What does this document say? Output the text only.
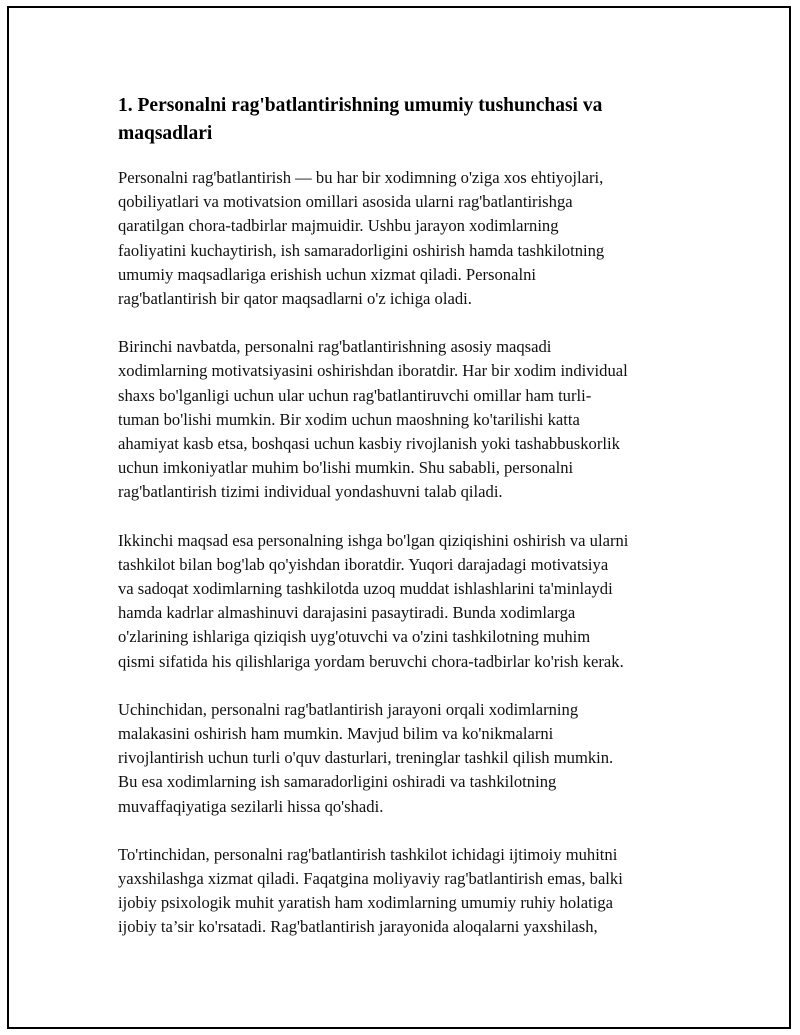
1. Personalni rag'batlantirishning umumiy tushunchasi va
maqsadlari

Personalni rag'batlantirish — bu har bir xodimning o'ziga xos ehtiyojlari,
qobiliyatlari va motivatsion omillari asosida ularni rag'batlantirishga
qaratilgan chora-tadbirlar majmuidir. Ushbu jarayon xodimlarning
faoliyatini kuchaytirish, ish samaradorligini oshirish hamda tashkilotning
umumiy maqsadlariga erishish uchun xizmat qiladi. Personalni
rag'batlantirish bir qator maqsadlarni o'z ichiga oladi.

Birinchi navbatda, personalni rag'batlantirishning asosiy maqsadi
xodimlarning motivatsiyasini oshirishdan iboratdir. Har bir xodim individual
shaxs bo'lganligi uchun ular uchun rag'batlantiruvchi omillar ham turli-
tuman bo'lishi mumkin. Bir xodim uchun maoshning ko'tarilishi katta
ahamiyat kasb etsa, boshqasi uchun kasbiy rivojlanish yoki tashabbuskorlik
uchun imkoniyatlar muhim bo'lishi mumkin. Shu sababli, personalni
rag'batlantirish tizimi individual yondashuvni talab qiladi.

Ikkinchi maqsad esa personalning ishga bo'lgan qiziqishini oshirish va ularni
tashkilot bilan bog'lab qo'yishdan iboratdir. Yuqori darajadagi motivatsiya
va sadoqat xodimlarning tashkilotda uzoq muddat ishlashlarini ta'minlaydi
hamda kadrlar almashinuvi darajasini pasaytiradi. Bunda xodimlarga
o'zlarining ishlariga qiziqish uyg'otuvchi va o'zini tashkilotning muhim
qismi sifatida his qilishlariga yordam beruvchi chora-tadbirlar ko'rish kerak.

Uchinchidan, personalni rag'batlantirish jarayoni orqali xodimlarning
malakasini oshirish ham mumkin. Mavjud bilim va ko'nikmalarni
rivojlantirish uchun turli o'quv dasturlari, treninglar tashkil qilish mumkin.
Bu esa xodimlarning ish samaradorligini oshiradi va tashkilotning
muvaffaqiyatiga sezilarli hissa qo'shadi.

To'rtinchidan, personalni rag'batlantirish tashkilot ichidagi ijtimoiy muhitni
yaxshilashga xizmat qiladi. Faqatgina moliyaviy rag'batlantirish emas, balki
ijobiy psixologik muhit yaratish ham xodimlarning umumiy ruhiy holatiga
ijobiy ta’sir ko'rsatadi. Rag'batlantirish jarayonida aloqalarni yaxshilash,
